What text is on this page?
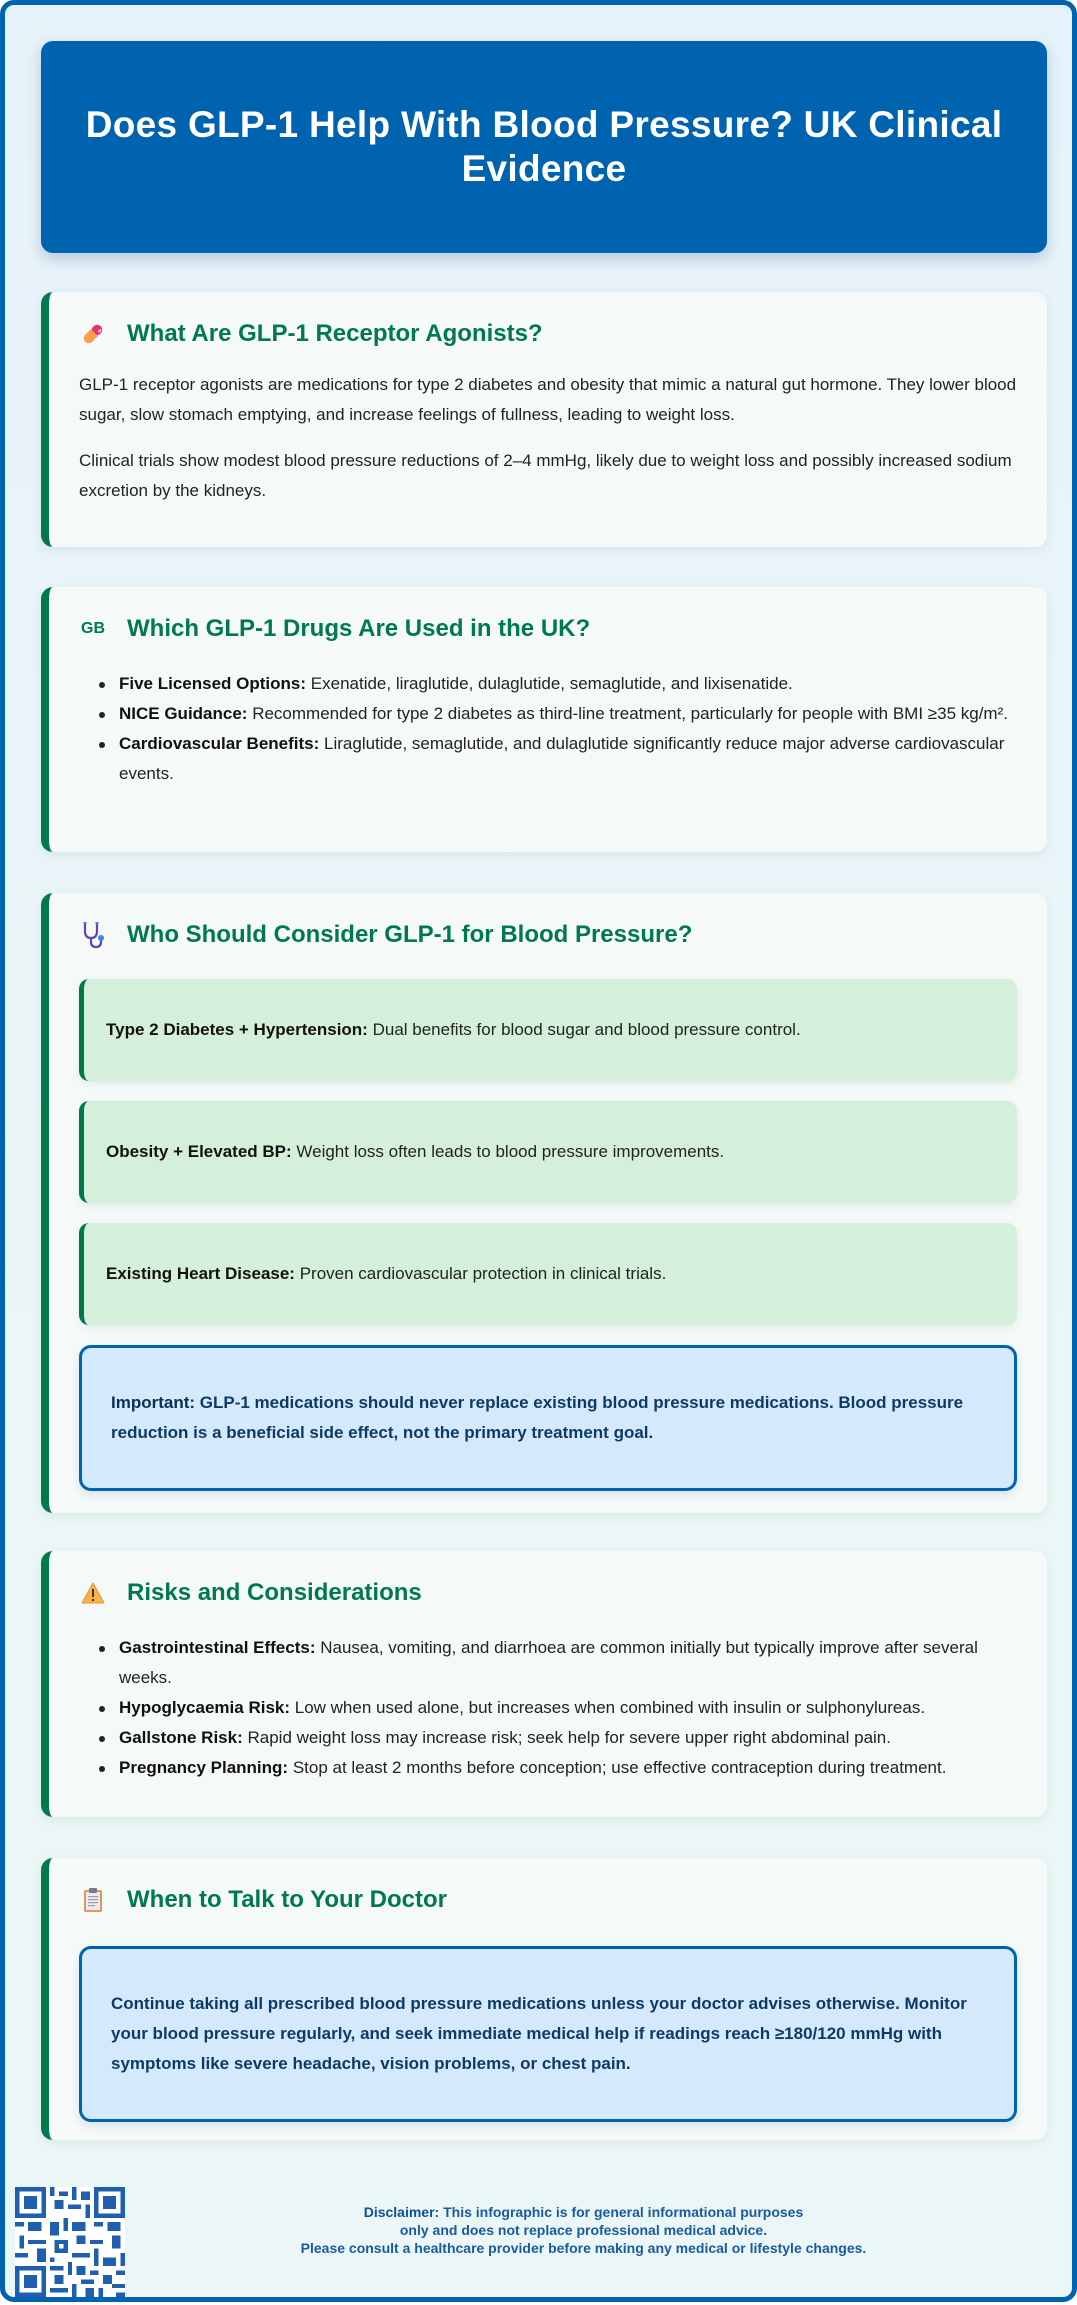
Does GLP-1 Help With Blood Pressure? UK Clinical Evidence
What Are GLP-1 Receptor Agonists?

GLP-1 receptor agonists are medications for type 2 diabetes and obesity that mimic a natural gut hormone. They lower blood sugar, slow stomach emptying, and increase feelings of fullness, leading to weight loss.

Clinical trials show modest blood pressure reductions of 2–4 mmHg, likely due to weight loss and possibly increased sodium excretion by the kidneys.

GB Which GLP-1 Drugs Are Used in the UK?
Five Licensed Options: Exenatide, liraglutide, dulaglutide, semaglutide, and lixisenatide.
NICE Guidance: Recommended for type 2 diabetes as third-line treatment, particularly for people with BMI ≥35 kg/m².
Cardiovascular Benefits: Liraglutide, semaglutide, and dulaglutide significantly reduce major adverse cardiovascular events.
Who Should Consider GLP-1 for Blood Pressure?
Type 2 Diabetes + Hypertension: Dual benefits for blood sugar and blood pressure control.
Obesity + Elevated BP: Weight loss often leads to blood pressure improvements.
Existing Heart Disease: Proven cardiovascular protection in clinical trials.
Important: GLP-1 medications should never replace existing blood pressure medications. Blood pressure reduction is a beneficial side effect, not the primary treatment goal.
Risks and Considerations
Gastrointestinal Effects: Nausea, vomiting, and diarrhoea are common initially but typically improve after several weeks.
Hypoglycaemia Risk: Low when used alone, but increases when combined with insulin or sulphonylureas.
Gallstone Risk: Rapid weight loss may increase risk; seek help for severe upper right abdominal pain.
Pregnancy Planning: Stop at least 2 months before conception; use effective contraception during treatment.
When to Talk to Your Doctor
Continue taking all prescribed blood pressure medications unless your doctor advises otherwise. Monitor your blood pressure regularly, and seek immediate medical help if readings reach ≥180/120 mmHg with symptoms like severe headache, vision problems, or chest pain.
Disclaimer: This infographic is for general informational purposes
only and does not replace professional medical advice.
Please consult a healthcare provider before making any medical or lifestyle changes.
